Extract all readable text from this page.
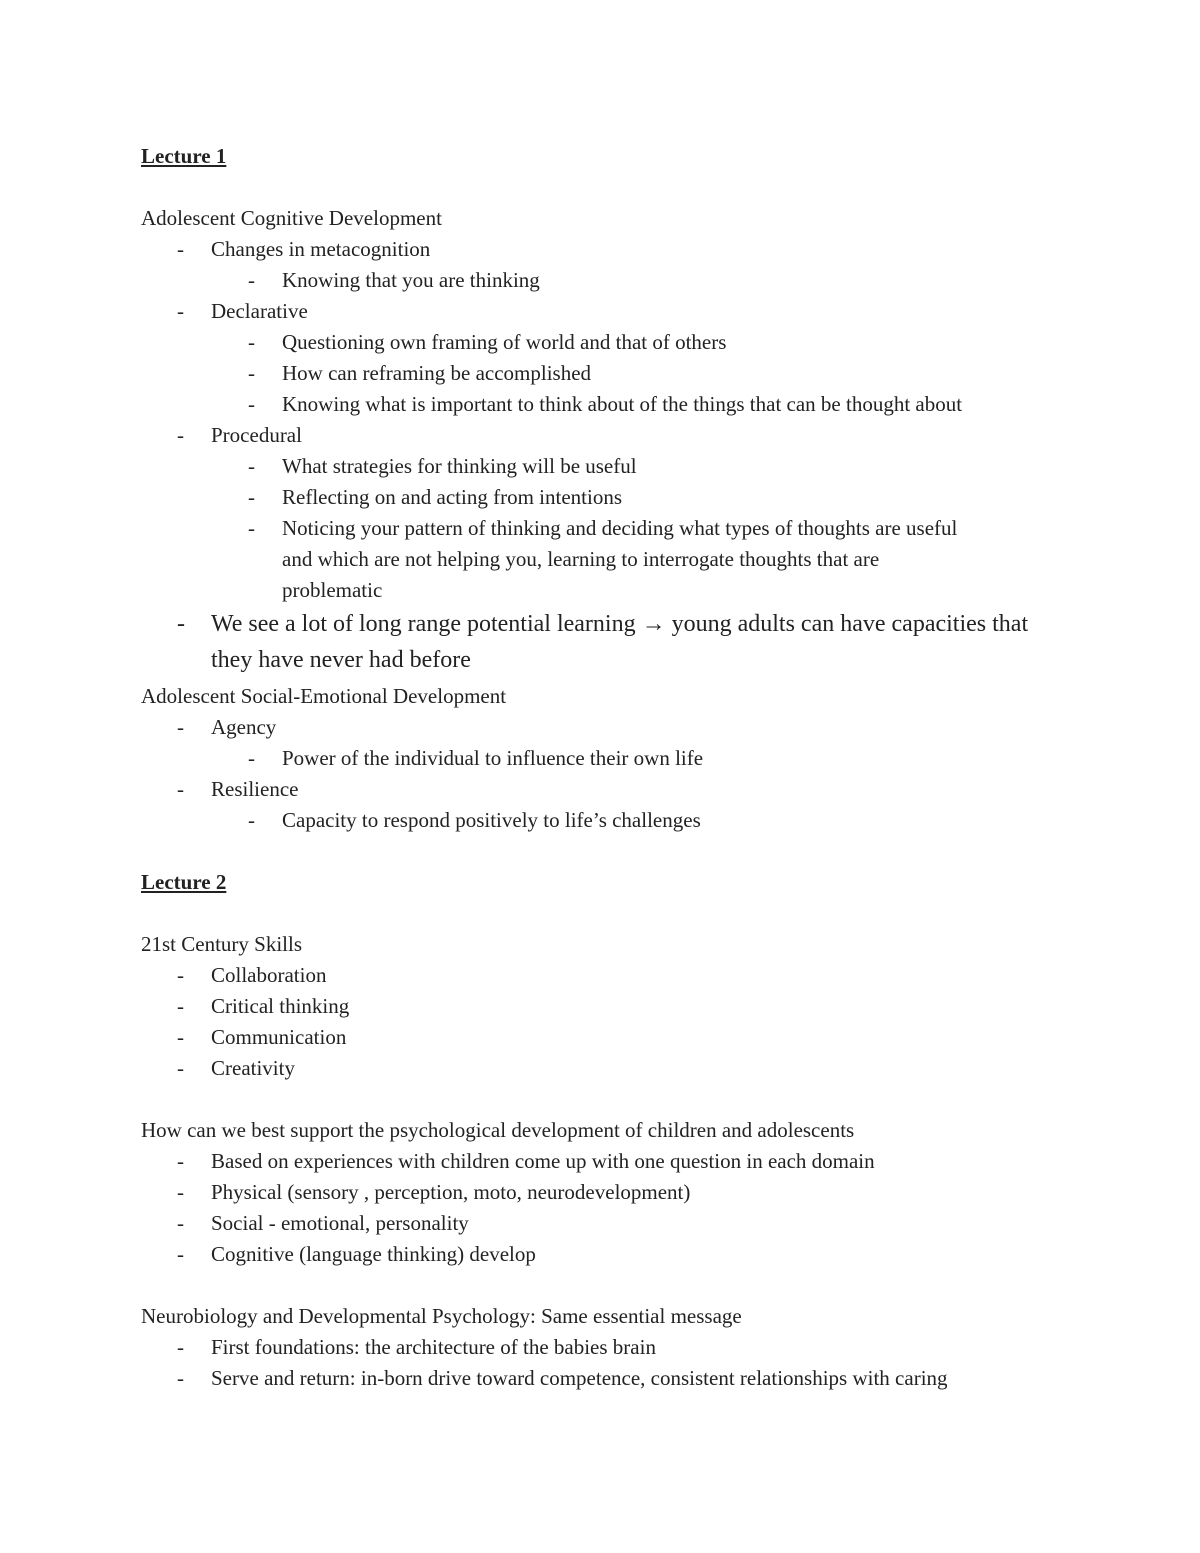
Lecture 1
Adolescent Cognitive Development
- Changes in metacognition
- Knowing that you are thinking
- Declarative
- Questioning own framing of world and that of others
- How can reframing be accomplished
- Knowing what is important to think about of the things that can be thought about
- Procedural
- What strategies for thinking will be useful
- Reflecting on and acting from intentions
- Noticing your pattern of thinking and deciding what types of thoughts are useful
and which are not helping you, learning to interrogate thoughts that are
problematic
- We see a lot of long range potential learning → young adults can have capacities that
they have never had before
Adolescent Social-Emotional Development
- Agency
- Power of the individual to influence their own life
- Resilience
- Capacity to respond positively to life’s challenges
Lecture 2
21st Century Skills
- Collaboration
- Critical thinking
- Communication
- Creativity
How can we best support the psychological development of children and adolescents
- Based on experiences with children come up with one question in each domain
- Physical (sensory , perception, moto, neurodevelopment)
- Social - emotional, personality
- Cognitive (language thinking) develop
Neurobiology and Developmental Psychology: Same essential message
- First foundations: the architecture of the babies brain
- Serve and return: in-born drive toward competence, consistent relationships with caring
